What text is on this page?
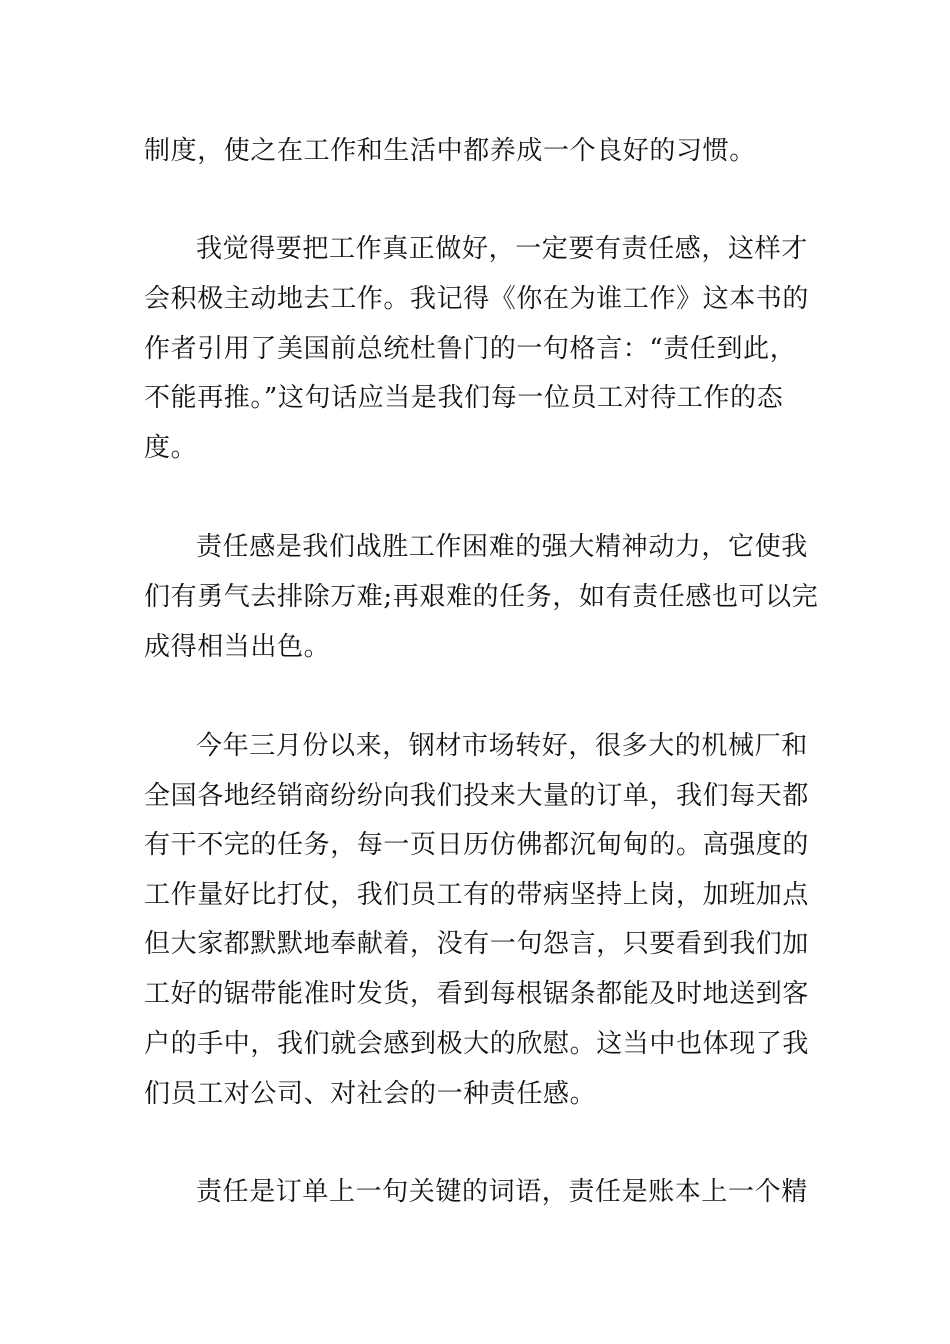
制度，使之在工作和生活中都养成一个良好的习惯。
我觉得要把工作真正做好，一定要有责任感，这样才
会积极主动地去工作。我记得《你在为谁工作》这本书的
作者引用了美国前总统杜鲁门的一句格言：“责任到此，
不能再推。”这句话应当是我们每一位员工对待工作的态
度。
责任感是我们战胜工作困难的强大精神动力，它使我
们有勇气去排除万难;再艰难的任务，如有责任感也可以完
成得相当出色。
今年三月份以来，钢材市场转好，很多大的机械厂和
全国各地经销商纷纷向我们投来大量的订单，我们每天都
有干不完的任务，每一页日历仿佛都沉甸甸的。高强度的
工作量好比打仗，我们员工有的带病坚持上岗，加班加点
但大家都默默地奉献着，没有一句怨言，只要看到我们加
工好的锯带能准时发货，看到每根锯条都能及时地送到客
户的手中，我们就会感到极大的欣慰。这当中也体现了我
们员工对公司、对社会的一种责任感。
责任是订单上一句关键的词语，责任是账本上一个精
